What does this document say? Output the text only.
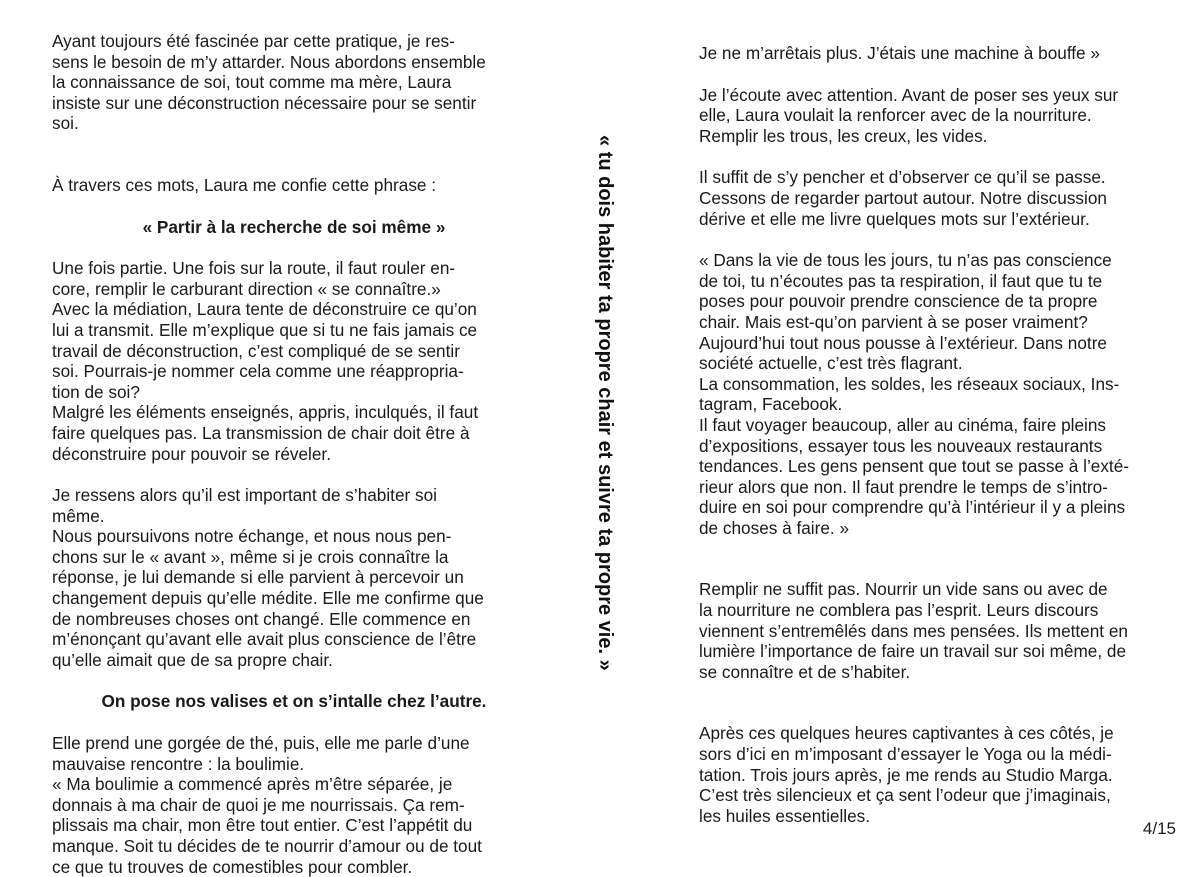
Ayant toujours été fascinée par cette pratique, je res-
sens le besoin de m’y attarder. Nous abordons ensemble
la connaissance de soi, tout comme ma mère, Laura
insiste sur une déconstruction nécessaire pour se sentir
soi.

À travers ces mots, Laura me confie cette phrase :

« Partir à la recherche de soi même »

Une fois partie. Une fois sur la route, il faut rouler en-
core, remplir le carburant direction « se connaître.»
Avec la médiation, Laura tente de déconstruire ce qu’on
lui a transmit. Elle m’explique que si tu ne fais jamais ce
travail de déconstruction, c’est compliqué de se sentir
soi. Pourrais-je nommer cela comme une réappropria-
tion de soi?
Malgré les éléments enseignés, appris, inculqués, il faut
faire quelques pas. La transmission de chair doit être à
déconstruire pour pouvoir se réveler.

Je ressens alors qu’il est important de s’habiter soi
même.
Nous poursuivons notre échange, et nous nous pen-
chons sur le « avant », même si je crois connaître la
réponse, je lui demande si elle parvient à percevoir un
changement depuis qu’elle médite. Elle me confirme que
de nombreuses choses ont changé. Elle commence en
m’énonçant qu’avant elle avait plus conscience de l’être
qu’elle aimait que de sa propre chair.

On pose nos valises et on s’intalle chez l’autre.

Elle prend une gorgée de thé, puis, elle me parle d’une
mauvaise rencontre : la boulimie.
« Ma boulimie a commencé après m’être séparée, je
donnais à ma chair de quoi je me nourrissais. Ça rem-
plissais ma chair, mon être tout entier. C’est l’appétit du
manque. Soit tu décides de te nourrir d’amour ou de tout
ce que tu trouves de comestibles pour combler.

« tu dois habiter ta propre chair et suivre ta propre vie. »

Je ne m’arrêtais plus. J’étais une machine à bouffe »

Je l’écoute avec attention. Avant de poser ses yeux sur
elle, Laura voulait la renforcer avec de la nourriture.
Remplir les trous, les creux, les vides.

Il suffit de s’y pencher et d’observer ce qu’il se passe.
Cessons de regarder partout autour. Notre discussion
dérive et elle me livre quelques mots sur l’extérieur.

« Dans la vie de tous les jours, tu n’as pas conscience
de toi, tu n’écoutes pas ta respiration, il faut que tu te
poses pour pouvoir prendre conscience de ta propre
chair. Mais est-qu’on parvient à se poser vraiment?
Aujourd’hui tout nous pousse à l’extérieur. Dans notre
société actuelle, c’est très flagrant.
La consommation, les soldes, les réseaux sociaux, Ins-
tagram, Facebook.
Il faut voyager beaucoup, aller au cinéma, faire pleins
d’expositions, essayer tous les nouveaux restaurants
tendances. Les gens pensent que tout se passe à l’exté-
rieur alors que non. Il faut prendre le temps de s’intro-
duire en soi pour comprendre qu’à l’intérieur il y a pleins
de choses à faire. »

Remplir ne suffit pas. Nourrir un vide sans ou avec de
la nourriture ne comblera pas l’esprit. Leurs discours
viennent s’entremêlés dans mes pensées. Ils mettent en
lumière l’importance de faire un travail sur soi même, de
se connaître et de s’habiter.

Après ces quelques heures captivantes à ces côtés, je
sors d’ici en m’imposant d’essayer le Yoga ou la médi-
tation. Trois jours après, je me rends au Studio Marga.
C’est très silencieux et ça sent l’odeur que j’imaginais,
les huiles essentielles.

4/15
